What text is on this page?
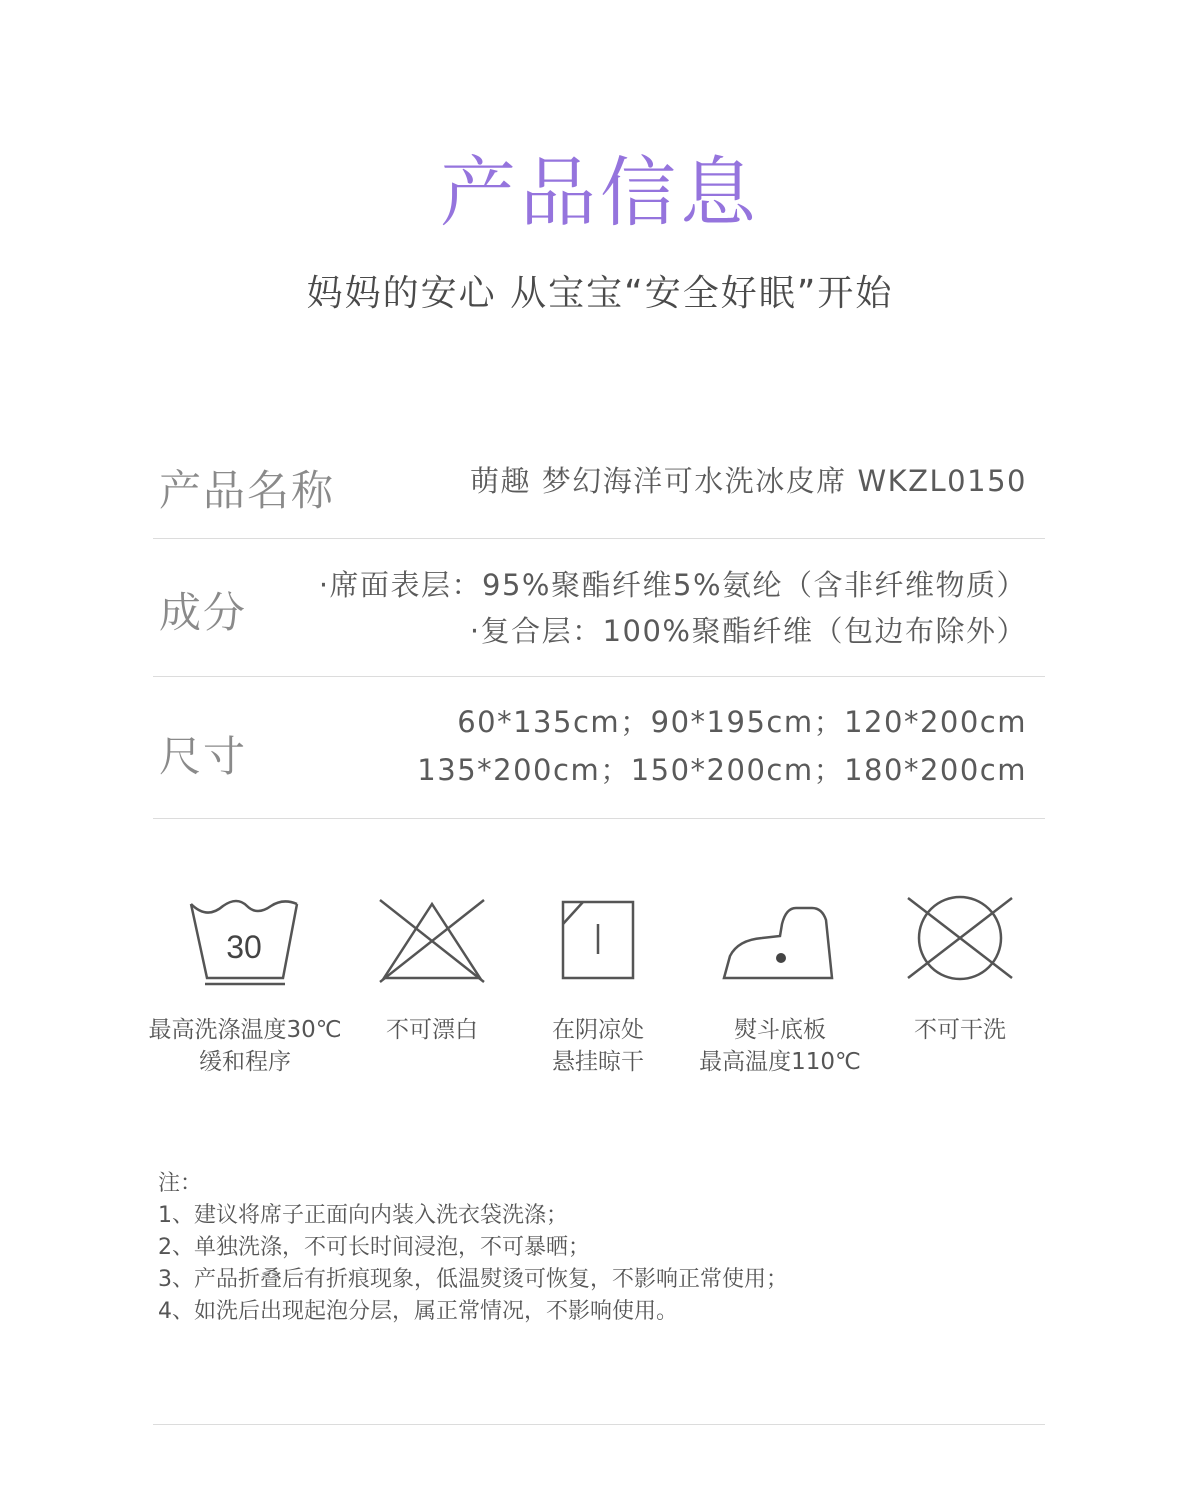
产品信息
妈妈的安心 从宝宝“安全好眠”开始
产品名称	萌趣 梦幻海洋可水洗冰皮席 WKZL0150
成分
·席面表层：95%聚酯纤维5%氨纶（含非纤维物质）
·复合层：100%聚酯纤维（包边布除外）
尺寸
60*135cm；90*195cm；120*200cm
135*200cm；150*200cm；180*200cm
30
最高洗涤温度30℃
缓和程序
不可漂白	在阴凉处
悬挂晾干
熨斗底板
最高温度110℃
不可干洗
注：
1、建议将席子正面向内装入洗衣袋洗涤；
2、单独洗涤，不可长时间浸泡，不可暴晒；
3、产品折叠后有折痕现象，低温熨烫可恢复，不影响正常使用；
4、如洗后出现起泡分层，属正常情况，不影响使用。
